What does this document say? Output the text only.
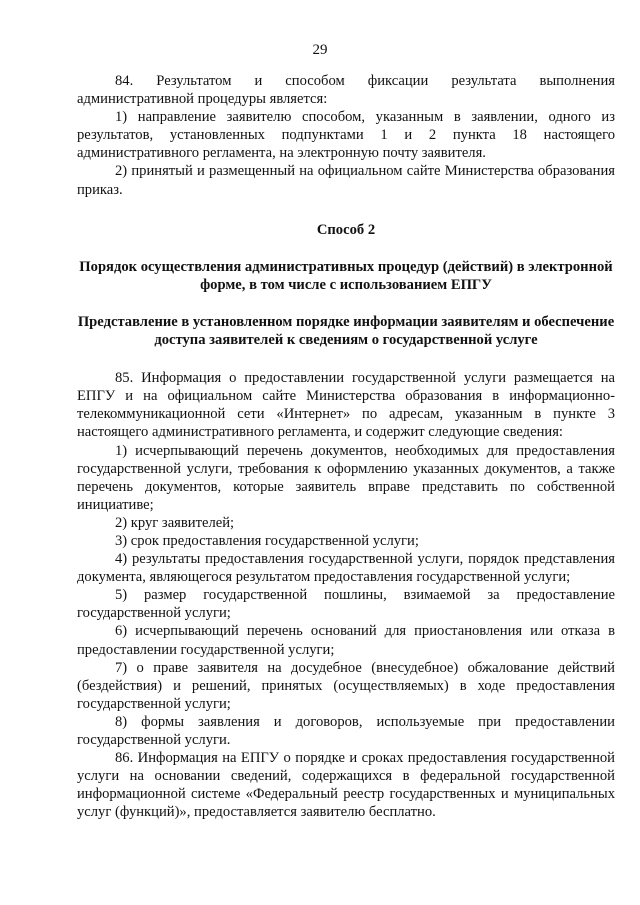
29

84. Результатом и способом фиксации результата выполнения административной процедуры является:

1) направление заявителю способом, указанным в заявлении, одного из результатов, установленных подпунктами 1 и 2 пункта 18 настоящего административного регламента, на электронную почту заявителя.

2) принятый и размещенный на официальном сайте Министерства образования приказ.

Способ 2

Порядок осуществления административных процедур (действий) в электронной форме, в том числе с использованием ЕПГУ

Представление в установленном порядке информации заявителям и обеспечение доступа заявителей к сведениям о государственной услуге

85. Информация о предоставлении государственной услуги размещается на ЕПГУ и на официальном сайте Министерства образования в информационно-телекоммуникационной сети «Интернет» по адресам, указанным в пункте 3 настоящего административного регламента, и содержит следующие сведения:

1) исчерпывающий перечень документов, необходимых для предоставления государственной услуги, требования к оформлению указанных документов, а также перечень документов, которые заявитель вправе представить по собственной инициативе;

2) круг заявителей;

3) срок предоставления государственной услуги;

4) результаты предоставления государственной услуги, порядок представления документа, являющегося результатом предоставления государственной услуги;

5) размер государственной пошлины, взимаемой за предоставление государственной услуги;

6) исчерпывающий перечень оснований для приостановления или отказа в предоставлении государственной услуги;

7) о праве заявителя на досудебное (внесудебное) обжалование действий (бездействия) и решений, принятых (осуществляемых) в ходе предоставления государственной услуги;

8) формы заявления и договоров, используемые при предоставлении государственной услуги.

86. Информация на ЕПГУ о порядке и сроках предоставления государственной услуги на основании сведений, содержащихся в федеральной государственной информационной системе «Федеральный реестр государственных и муниципальных услуг (функций)», предоставляется заявителю бесплатно.
